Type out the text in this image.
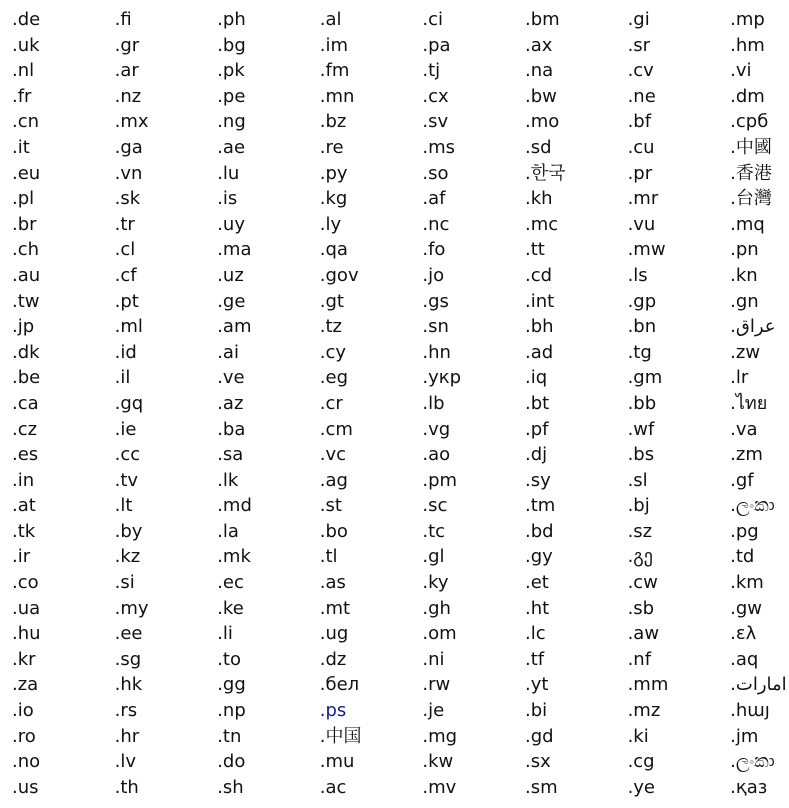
.de	.fi	.ph	.al	.ci	.bm	.gi	.mp
.uk	.gr	.bg	.im	.pa	.ax	.sr	.hm
.nl	.ar	.pk	.fm	.tj	.na	.cv	.vi
.fr	.nz	.pe	.mn	.cx	.bw	.ne	.dm
.cn	.mx	.ng	.bz	.sv	.mo	.bf	.срб
.it	.ga	.ae	.re	.ms	.sd	.cu	.中國
.eu	.vn	.lu	.py	.so	.한국	.pr	.香港
.pl	.sk	.is	.kg	.af	.kh	.mr	.台灣
.br	.tr	.uy	.ly	.nc	.mc	.vu	.mq
.ch	.cl	.ma	.qa	.fo	.tt	.mw	.pn
.au	.cf	.uz	.gov	.jo	.cd	.ls	.kn
.tw	.pt	.ge	.gt	.gs	.int	.gp	.gn
.jp	.ml	.am	.tz	.sn	.bh	.bn	.عراق
.dk	.id	.ai	.cy	.hn	.ad	.tg	.zw
.be	.il	.ve	.eg	.укр	.iq	.gm	.lr
.ca	.gq	.az	.cr	.lb	.bt	.bb	.ไทย
.cz	.ie	.ba	.cm	.vg	.pf	.wf	.va
.es	.cc	.sa	.vc	.ao	.dj	.bs	.zm
.in	.tv	.lk	.ag	.pm	.sy	.sl	.gf
.at	.lt	.md	.st	.sc	.tm	.bj	.ලංකා
.tk	.by	.la	.bo	.tc	.bd	.sz	.pg
.ir	.kz	.mk	.tl	.gl	.gy	.გე	.td
.co	.si	.ec	.as	.ky	.et	.cw	.km
.ua	.my	.ke	.mt	.gh	.ht	.sb	.gw
.hu	.ee	.li	.ug	.om	.lc	.aw	.ελ
.kr	.sg	.to	.dz	.ni	.tf	.nf	.aq
.za	.hk	.gg	.бел	.rw	.yt	.mm	.امارات
.io	.rs	.np	.ps	.je	.bi	.mz	.հայ
.ro	.hr	.tn	.中国	.mg	.gd	.ki	.jm
.no	.lv	.do	.mu	.kw	.sx	.cg	.ලංකා
.us	.th	.sh	.ac	.mv	.sm	.ye	.қаз
